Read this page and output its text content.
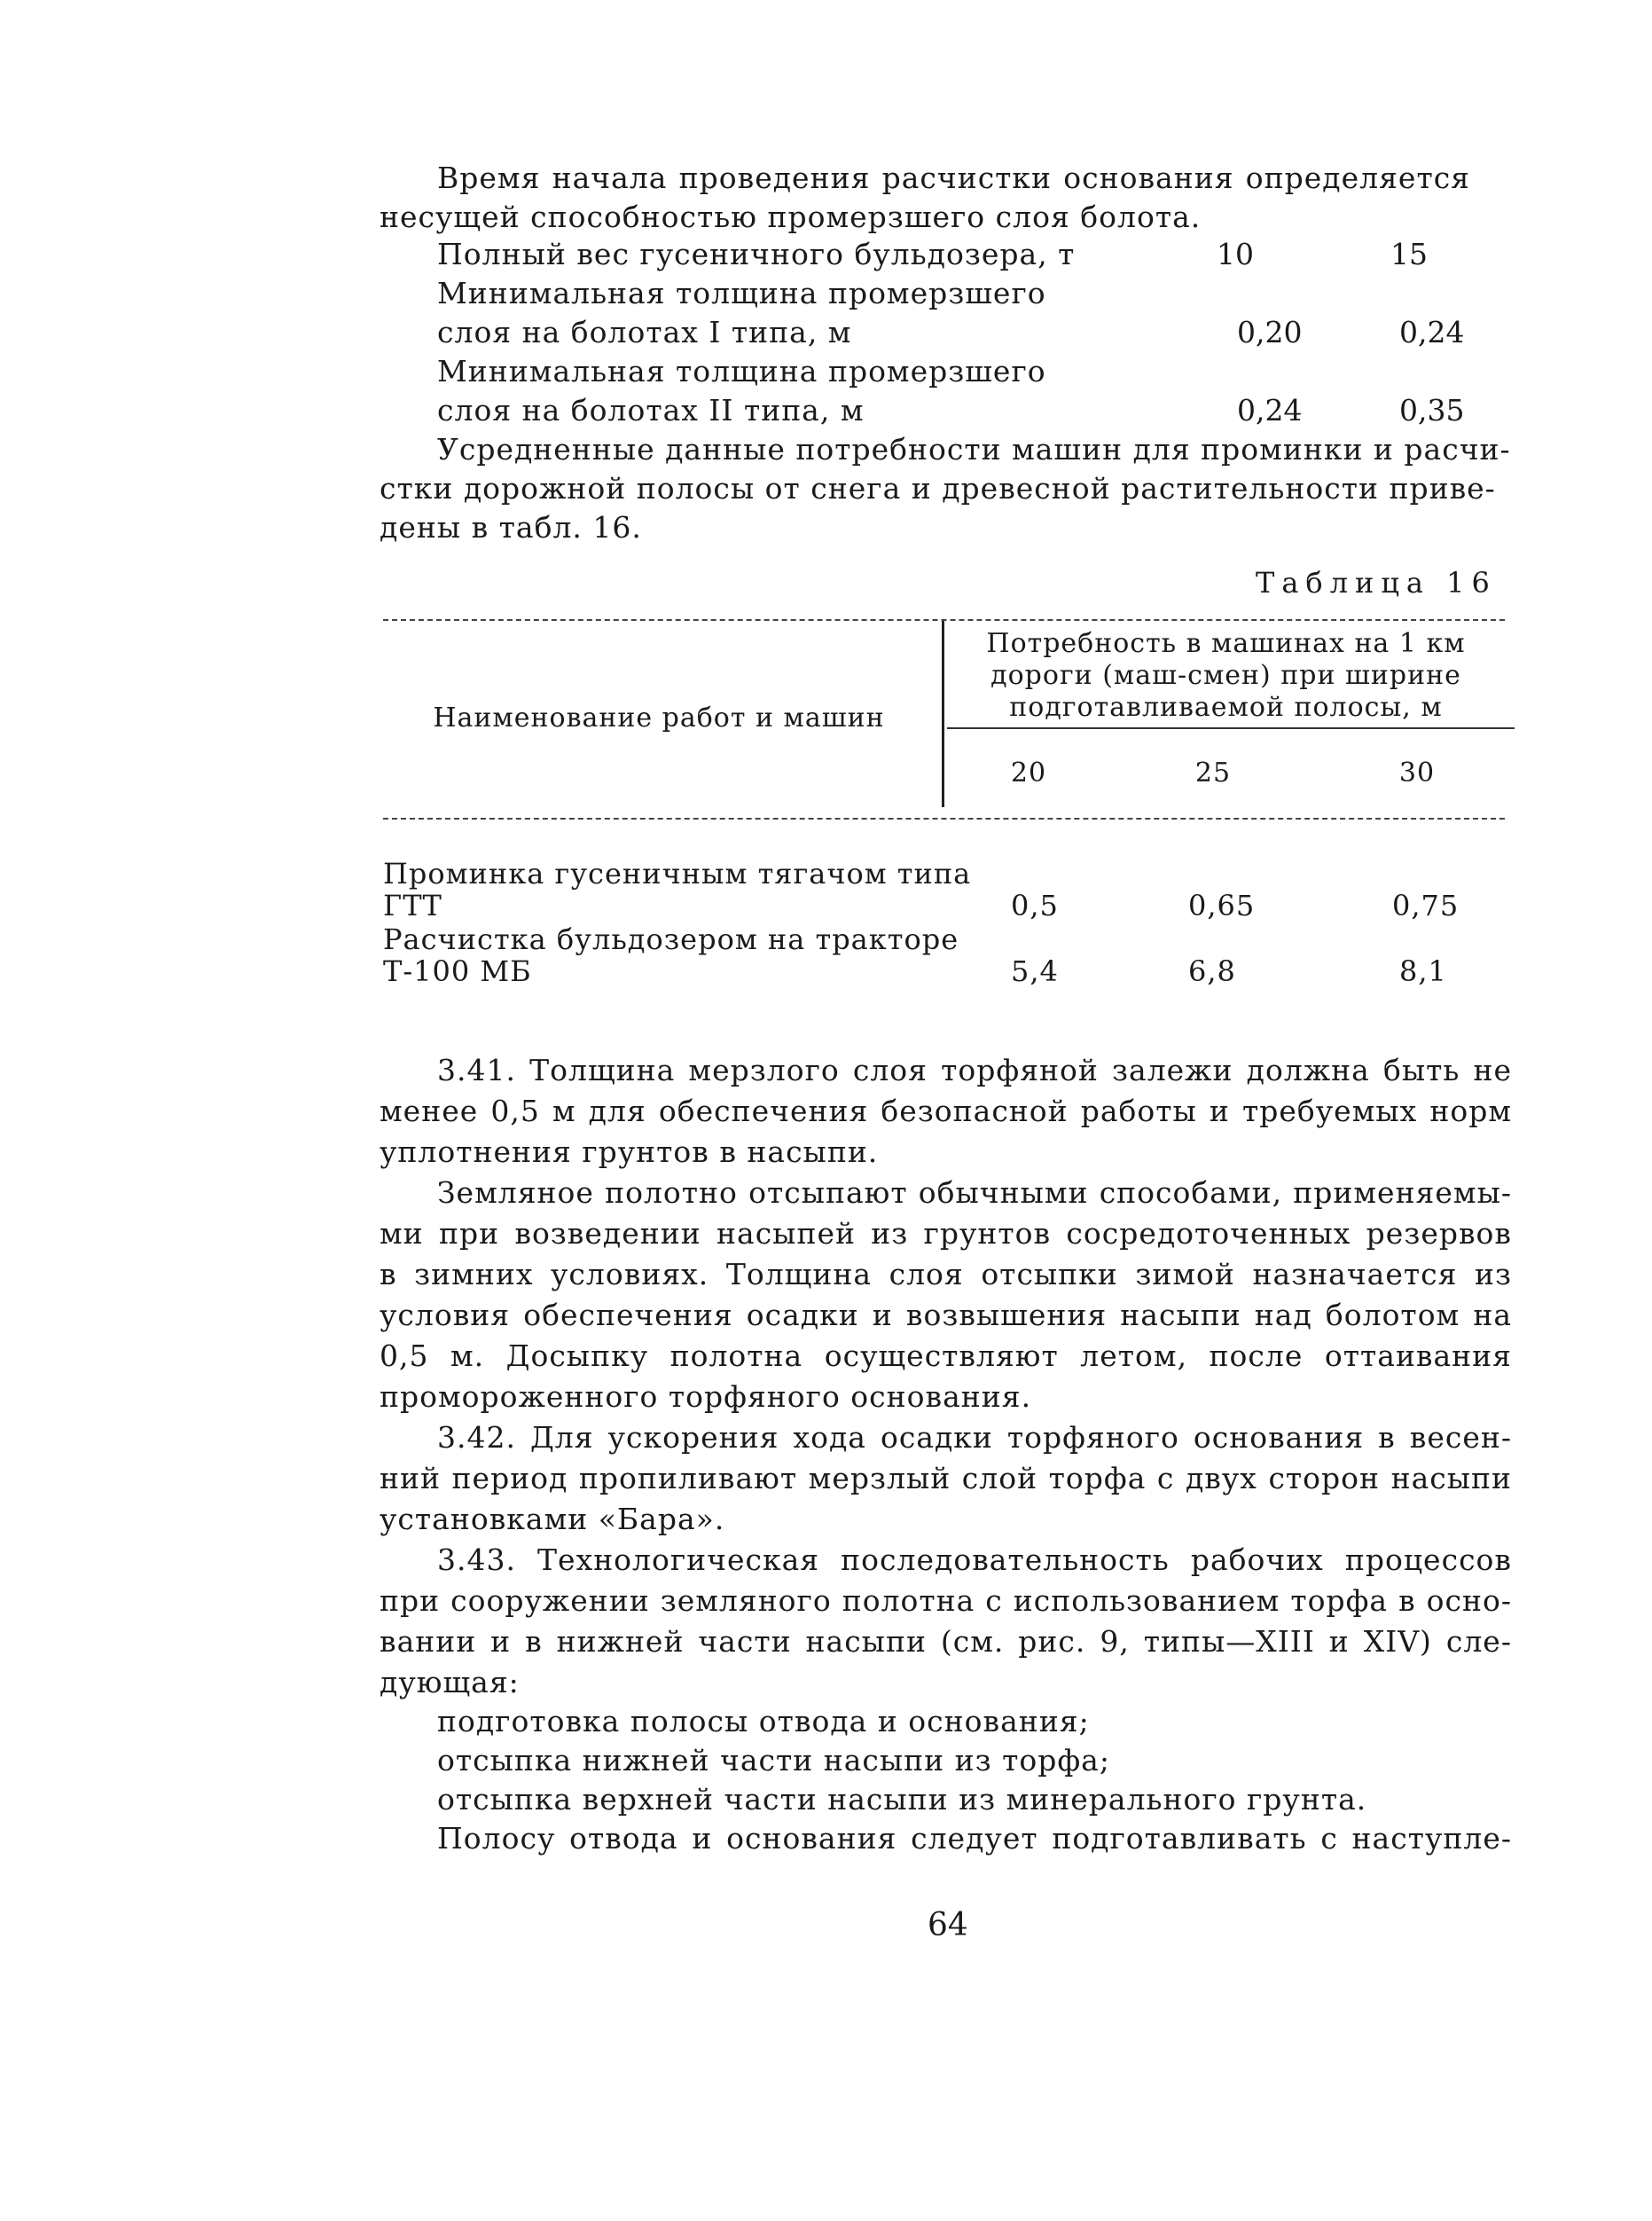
Время начала проведения расчистки основания определяется
несущей способностью промерзшего слоя болота.
Полный вес гусеничного бульдозера, т	10	15
Минимальная толщина промерзшего
слоя на болотах I типа, м	0,20	0,24
Минимальная толщина промерзшего
слоя на болотах II типа, м	0,24	0,35
Усредненные данные потребности машин для проминки и расчи-
стки дорожной полосы от снега и древесной растительности приве-
дены в табл. 16.
Таблица 16
Потребность в машинах на 1 км
дороги (маш-смен) при ширине
подготавливаемой полосы, м
Наименование работ и машин
20	25	30
Проминка гусеничным тягачом типа
ГТТ	0,5	0,65	0,75
Расчистка бульдозером на тракторе
Т-100 МБ	5,4	6,8	8,1
3.41. Толщина мерзлого слоя торфяной залежи должна быть не
менее 0,5 м для обеспечения безопасной работы и требуемых норм
уплотнения грунтов в насыпи.
Земляное полотно отсыпают обычными способами, применяемы-
ми при возведении насыпей из грунтов сосредоточенных резервов
в зимних условиях. Толщина слоя отсыпки зимой назначается из
условия обеспечения осадки и возвышения насыпи над болотом на
0,5 м. Досыпку полотна осуществляют летом, после оттаивания
промороженного торфяного основания.
3.42. Для ускорения хода осадки торфяного основания в весен-
ний период пропиливают мерзлый слой торфа с двух сторон насыпи
установками «Бара».
3.43. Технологическая последовательность рабочих процессов
при сооружении земляного полотна с использованием торфа в осно-
вании и в нижней части насыпи (см. рис. 9, типы—XIII и XIV) сле-
дующая:
подготовка полосы отвода и основания;
отсыпка нижней части насыпи из торфа;
отсыпка верхней части насыпи из минерального грунта.
Полосу отвода и основания следует подготавливать с наступле-
64
